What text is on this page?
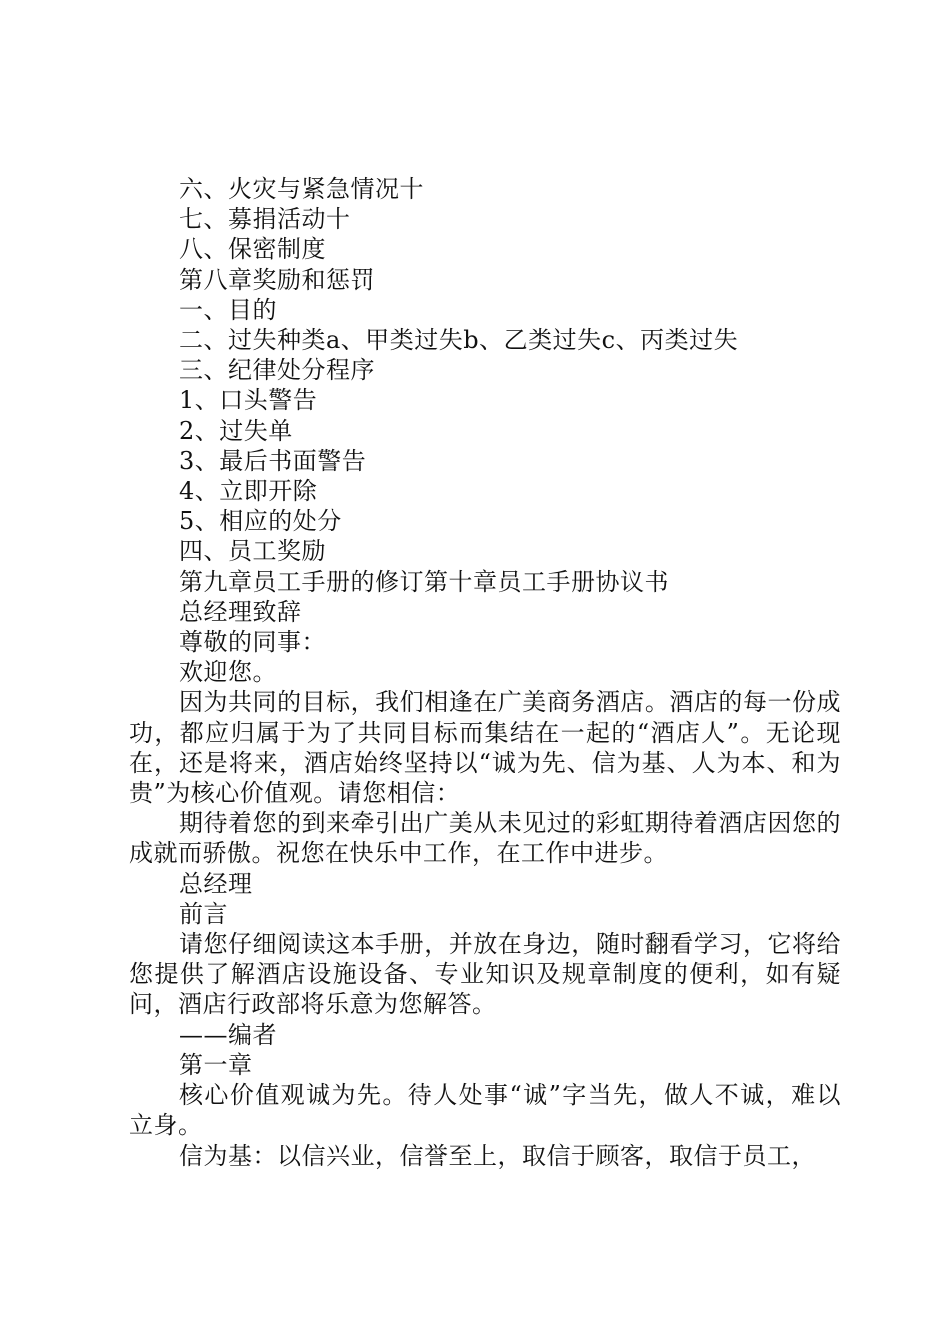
六、火灾与紧急情况十

七、募捐活动十

八、保密制度

第八章奖励和惩罚

一、目的

二、过失种类a、甲类过失b、乙类过失c、丙类过失

三、纪律处分程序

1、口头警告

2、过失单

3、最后书面警告

4、立即开除

5、相应的处分

四、员工奖励

第九章员工手册的修订第十章员工手册协议书

总经理致辞

尊敬的同事：

欢迎您。

因为共同的目标，我们相逢在广美商务酒店。酒店的每一份成功，都应归属于为了共同目标而集结在一起的“酒店人”。无论现在，还是将来，酒店始终坚持以“诚为先、信为基、人为本、和为贵”为核心价值观。请您相信：

期待着您的到来牵引出广美从未见过的彩虹期待着酒店因您的成就而骄傲。祝您在快乐中工作，在工作中进步。

总经理

前言

请您仔细阅读这本手册，并放在身边，随时翻看学习，它将给您提供了解酒店设施设备、专业知识及规章制度的便利，如有疑问，酒店行政部将乐意为您解答。

——编者

第一章

核心价值观诚为先。待人处事“诚”字当先，做人不诚，难以立身。

信为基：以信兴业，信誉至上，取信于顾客，取信于员工，
